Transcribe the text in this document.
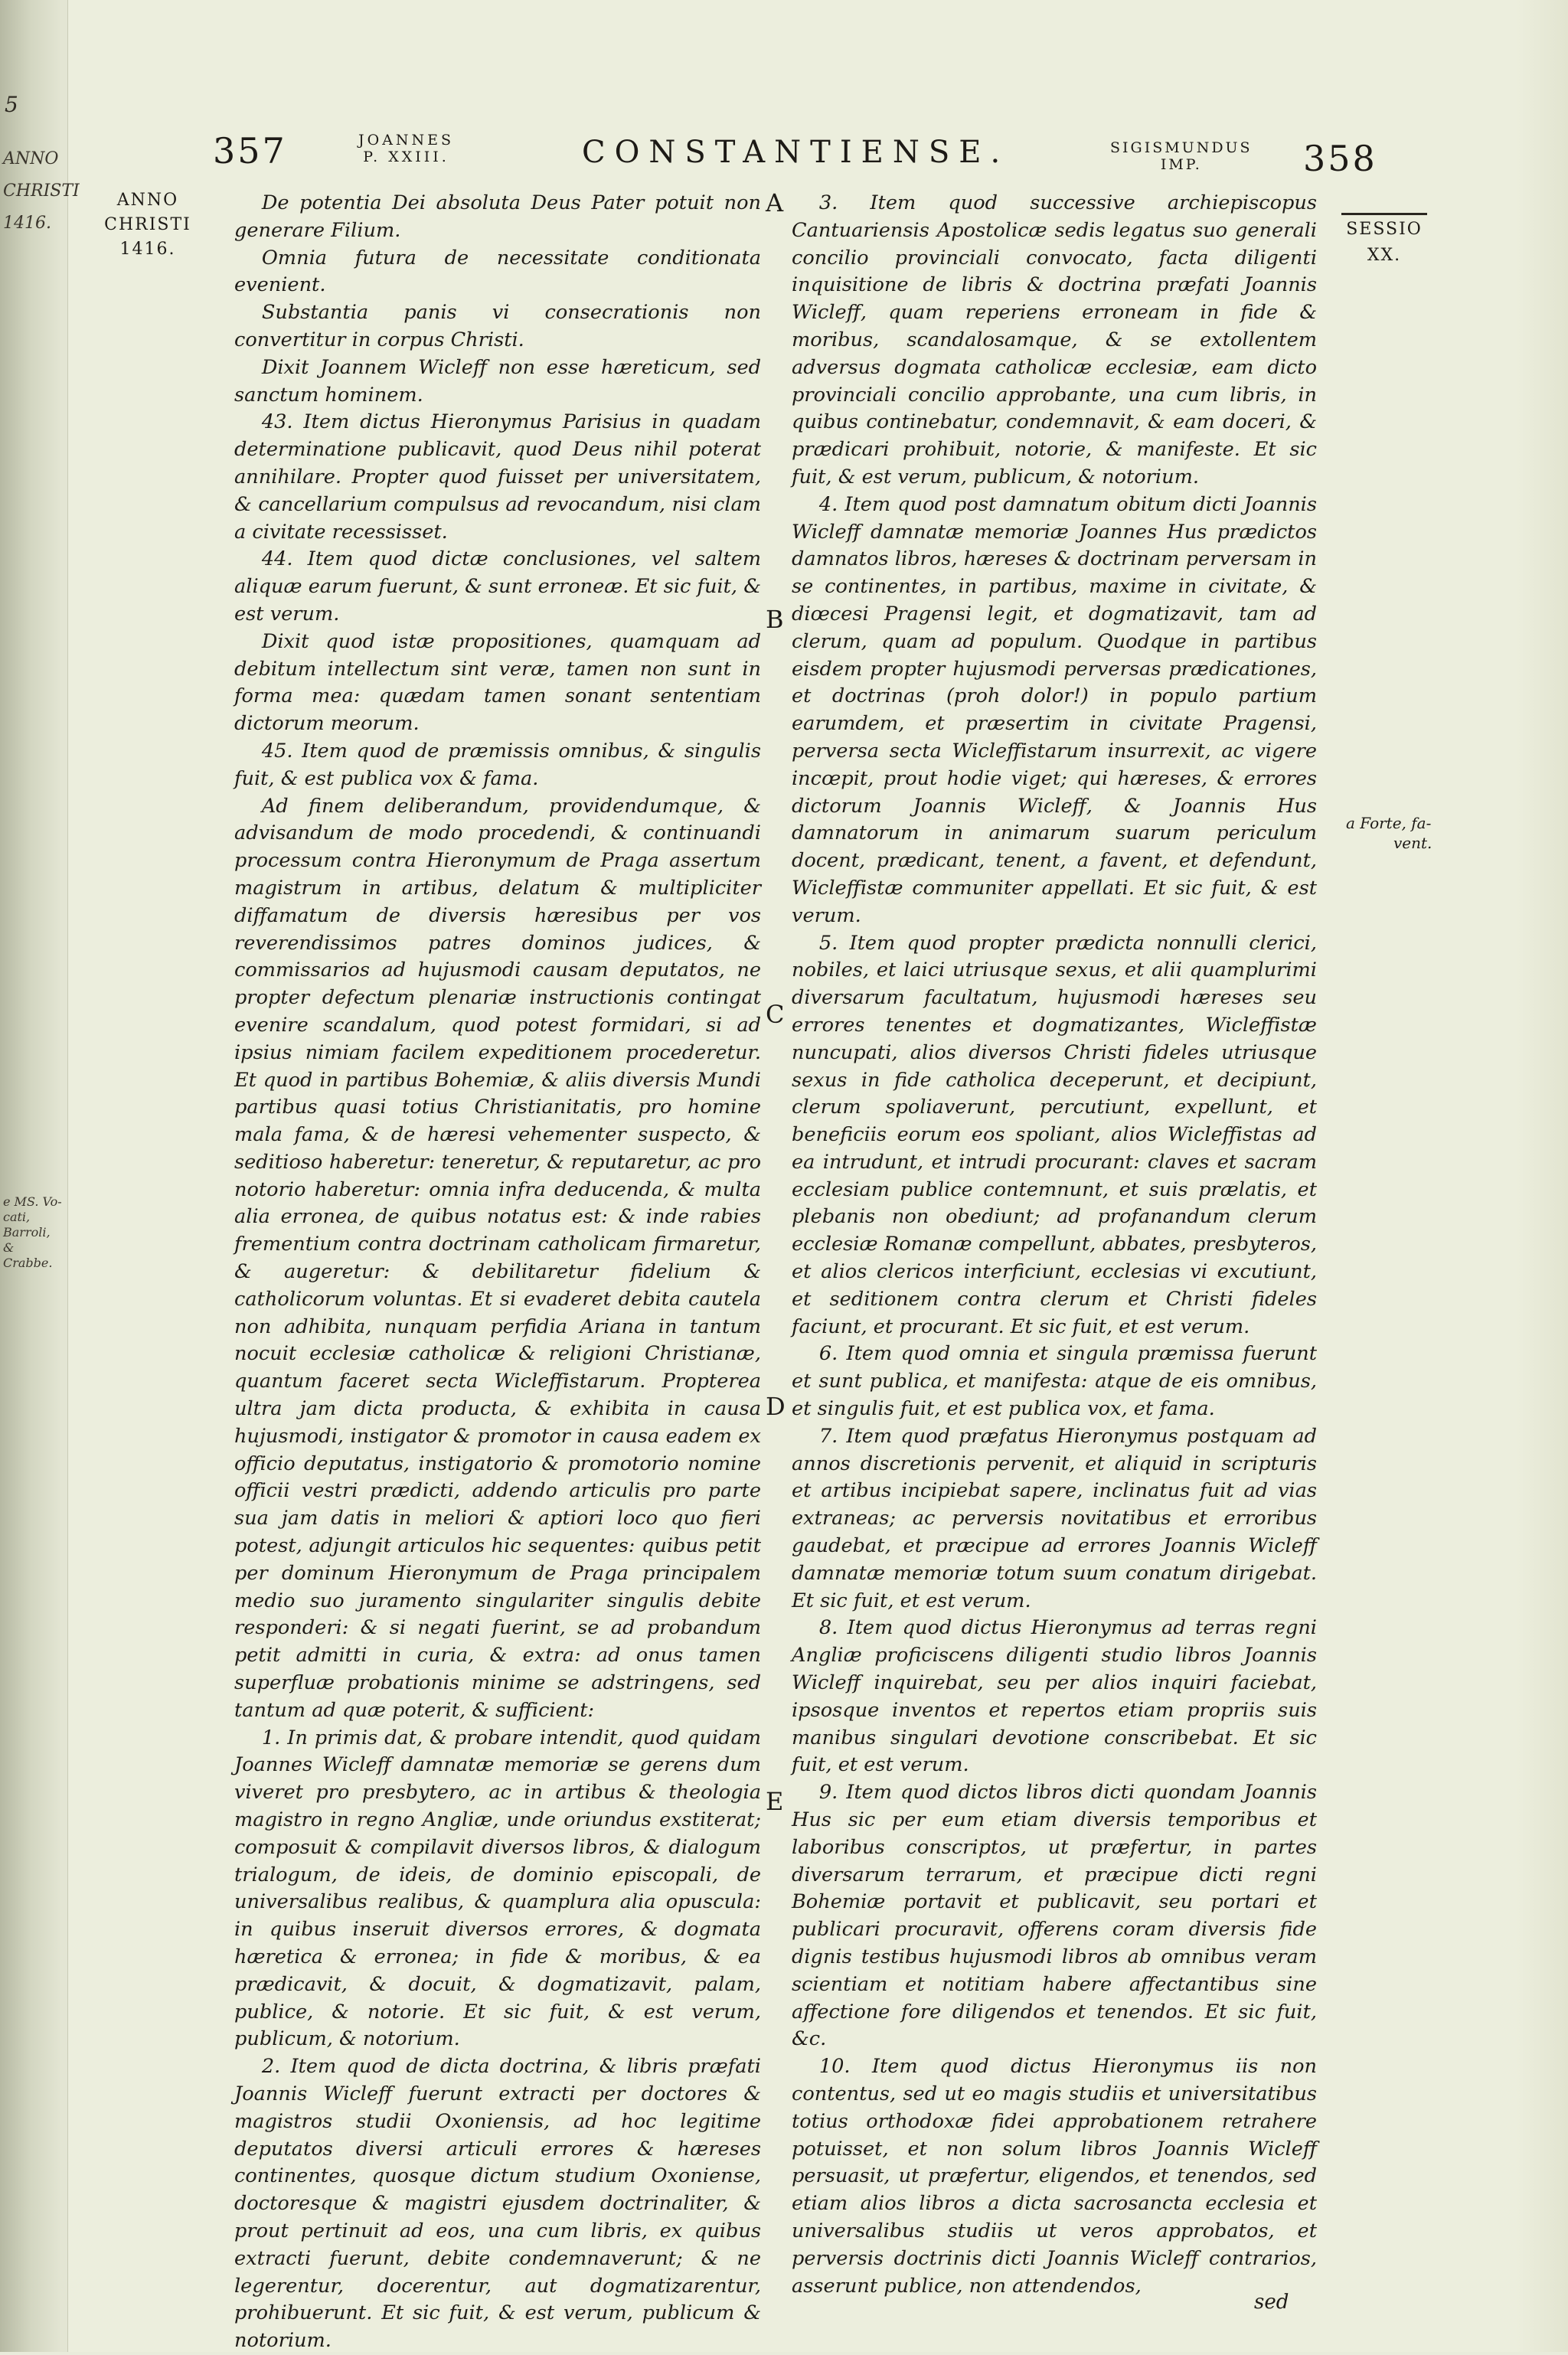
ANNO
CHRISTI
1416.
e MS. Vo- cati, Barroli, & Crabbe.
5
357	JOANNES
P. XXIII.	CONSTANTIENSE.	SIGISMUNDUS
IMP.	358
ANNO
CHRISTI
1416.
SESSIO
XX.
a Forte, fa-
vent.
A
B
C
D
E

De potentia Dei absoluta Deus Pater potuit non generare Filium.

Omnia futura de necessitate conditionata evenient.

Substantia panis vi consecrationis non convertitur in corpus Christi.

Dixit Joannem Wicleff non esse hæreticum, sed sanctum hominem.

43. Item dictus Hieronymus Parisius in quadam determinatione publicavit, quod Deus nihil poterat annihilare. Propter quod fuisset per universitatem, & cancellarium compulsus ad revocandum, nisi clam a civitate recessisset.

44. Item quod dictæ conclusiones, vel saltem aliquæ earum fuerunt, & sunt erroneæ. Et sic fuit, & est verum.

Dixit quod istæ propositiones, quamquam ad debitum intellectum sint veræ, tamen non sunt in forma mea: quædam tamen sonant sententiam dictorum meorum.

45. Item quod de præmissis omnibus, & singulis fuit, & est publica vox & fama.

Ad finem deliberandum, providendumque, & advisandum de modo procedendi, & continuandi processum contra Hieronymum de Praga assertum magistrum in artibus, delatum & multipliciter diffamatum de diversis hæresibus per vos reverendissimos patres dominos judices, & commissarios ad hujusmodi causam deputatos, ne propter defectum plenariæ instructionis contingat evenire scandalum, quod potest formidari, si ad ipsius nimiam facilem expeditionem procederetur. Et quod in partibus Bohemiæ, & aliis diversis Mundi partibus quasi totius Christianitatis, pro homine mala fama, & de hæresi vehementer suspecto, & seditioso haberetur: teneretur, & reputaretur, ac pro notorio haberetur: omnia infra deducenda, & multa alia erronea, de quibus notatus est: & inde rabies frementium contra doctrinam catholicam firmaretur, & augeretur: & debilitaretur fidelium & catholicorum voluntas. Et si evaderet debita cautela non adhibita, nunquam perfidia Ariana in tantum nocuit ecclesiæ catholicæ & religioni Christianæ, quantum faceret secta Wicleffistarum. Propterea ultra jam dicta producta, & exhibita in causa hujusmodi, instigator & promotor in causa eadem ex officio deputatus, instigatorio & promotorio nomine officii vestri prædicti, addendo articulis pro parte sua jam datis in meliori & aptiori loco quo fieri potest, adjungit articulos hic sequentes: quibus petit per dominum Hieronymum de Praga principalem medio suo juramento singulariter singulis debite responderi: & si negati fuerint, se ad probandum petit admitti in curia, & extra: ad onus tamen superfluæ probationis minime se adstringens, sed tantum ad quæ poterit, & sufficient:

1. In primis dat, & probare intendit, quod quidam Joannes Wicleff damnatæ memoriæ se gerens dum viveret pro presbytero, ac in artibus & theologia magistro in regno Angliæ, unde oriundus exstiterat; composuit & compilavit diversos libros, & dialogum trialogum, de ideis, de dominio episcopali, de universalibus realibus, & quamplura alia opuscula: in quibus inseruit diversos errores, & dogmata hæretica & erronea; in fide & moribus, & ea prædicavit, & docuit, & dogmatizavit, palam, publice, & notorie. Et sic fuit, & est verum, publicum, & notorium.

2. Item quod de dicta doctrina, & libris præfati Joannis Wicleff fuerunt extracti per doctores & magistros studii Oxoniensis, ad hoc legitime deputatos diversi articuli errores & hæreses continentes, quosque dictum studium Oxoniense, doctoresque & magistri ejusdem doctrinaliter, & prout pertinuit ad eos, una cum libris, ex quibus extracti fuerunt, debite condemnaverunt; & ne legerentur, docerentur, aut dogmatizarentur, prohibuerunt. Et sic fuit, & est verum, publicum & notorium.

3. Item quod successive archiepiscopus Cantuariensis Apostolicæ sedis legatus suo generali concilio provinciali convocato, facta diligenti inquisitione de libris & doctrina præfati Joannis Wicleff, quam reperiens erroneam in fide & moribus, scandalosamque, & se extollentem adversus dogmata catholicæ ecclesiæ, eam dicto provinciali concilio approbante, una cum libris, in quibus continebatur, condemnavit, & eam doceri, & prædicari prohibuit, notorie, & manifeste. Et sic fuit, & est verum, publicum, & notorium.

4. Item quod post damnatum obitum dicti Joannis Wicleff damnatæ memoriæ Joannes Hus prædictos damnatos libros, hæreses & doctrinam perversam in se continentes, in partibus, maxime in civitate, & diœcesi Pragensi legit, et dogmatizavit, tam ad clerum, quam ad populum. Quodque in partibus eisdem propter hujusmodi perversas prædicationes, et doctrinas (proh dolor!) in populo partium earumdem, et præsertim in civitate Pragensi, perversa secta Wicleffistarum insurrexit, ac vigere incœpit, prout hodie viget; qui hæreses, & errores dictorum Joannis Wicleff, & Joannis Hus damnatorum in animarum suarum periculum docent, prædicant, tenent, a favent, et defendunt, Wicleffistæ communiter appellati. Et sic fuit, & est verum.

5. Item quod propter prædicta nonnulli clerici, nobiles, et laici utriusque sexus, et alii quamplurimi diversarum facultatum, hujusmodi hæreses seu errores tenentes et dogmatizantes, Wicleffistæ nuncupati, alios diversos Christi fideles utriusque sexus in fide catholica deceperunt, et decipiunt, clerum spoliaverunt, percutiunt, expellunt, et beneficiis eorum eos spoliant, alios Wicleffistas ad ea intrudunt, et intrudi procurant: claves et sacram ecclesiam publice contemnunt, et suis prælatis, et plebanis non obediunt; ad profanandum clerum ecclesiæ Romanæ compellunt, abbates, presbyteros, et alios clericos interficiunt, ecclesias vi excutiunt, et seditionem contra clerum et Christi fideles faciunt, et procurant. Et sic fuit, et est verum.

6. Item quod omnia et singula præmissa fuerunt et sunt publica, et manifesta: atque de eis omnibus, et singulis fuit, et est publica vox, et fama.

7. Item quod præfatus Hieronymus postquam ad annos discretionis pervenit, et aliquid in scripturis et artibus incipiebat sapere, inclinatus fuit ad vias extraneas; ac perversis novitatibus et erroribus gaudebat, et præcipue ad errores Joannis Wicleff damnatæ memoriæ totum suum conatum dirigebat. Et sic fuit, et est verum.

8. Item quod dictus Hieronymus ad terras regni Angliæ proficiscens diligenti studio libros Joannis Wicleff inquirebat, seu per alios inquiri faciebat, ipsosque inventos et repertos etiam propriis suis manibus singulari devotione conscribebat. Et sic fuit, et est verum.

9. Item quod dictos libros dicti quondam Joannis Hus sic per eum etiam diversis temporibus et laboribus conscriptos, ut præfertur, in partes diversarum terrarum, et præcipue dicti regni Bohemiæ portavit et publicavit, seu portari et publicari procuravit, offerens coram diversis fide dignis testibus hujusmodi libros ab omnibus veram scientiam et notitiam habere affectantibus sine affectione fore diligendos et tenendos. Et sic fuit, &c.

10. Item quod dictus Hieronymus iis non contentus, sed ut eo magis studiis et universitatibus totius orthodoxæ fidei approbationem retrahere potuisset, et non solum libros Joannis Wicleff persuasit, ut præfertur, eligendos, et tenendos, sed etiam alios libros a dicta sacrosancta ecclesia et universalibus studiis ut veros approbatos, et perversis doctrinis dicti Joannis Wicleff contrarios, asserunt publice, non attendendos,

sed
